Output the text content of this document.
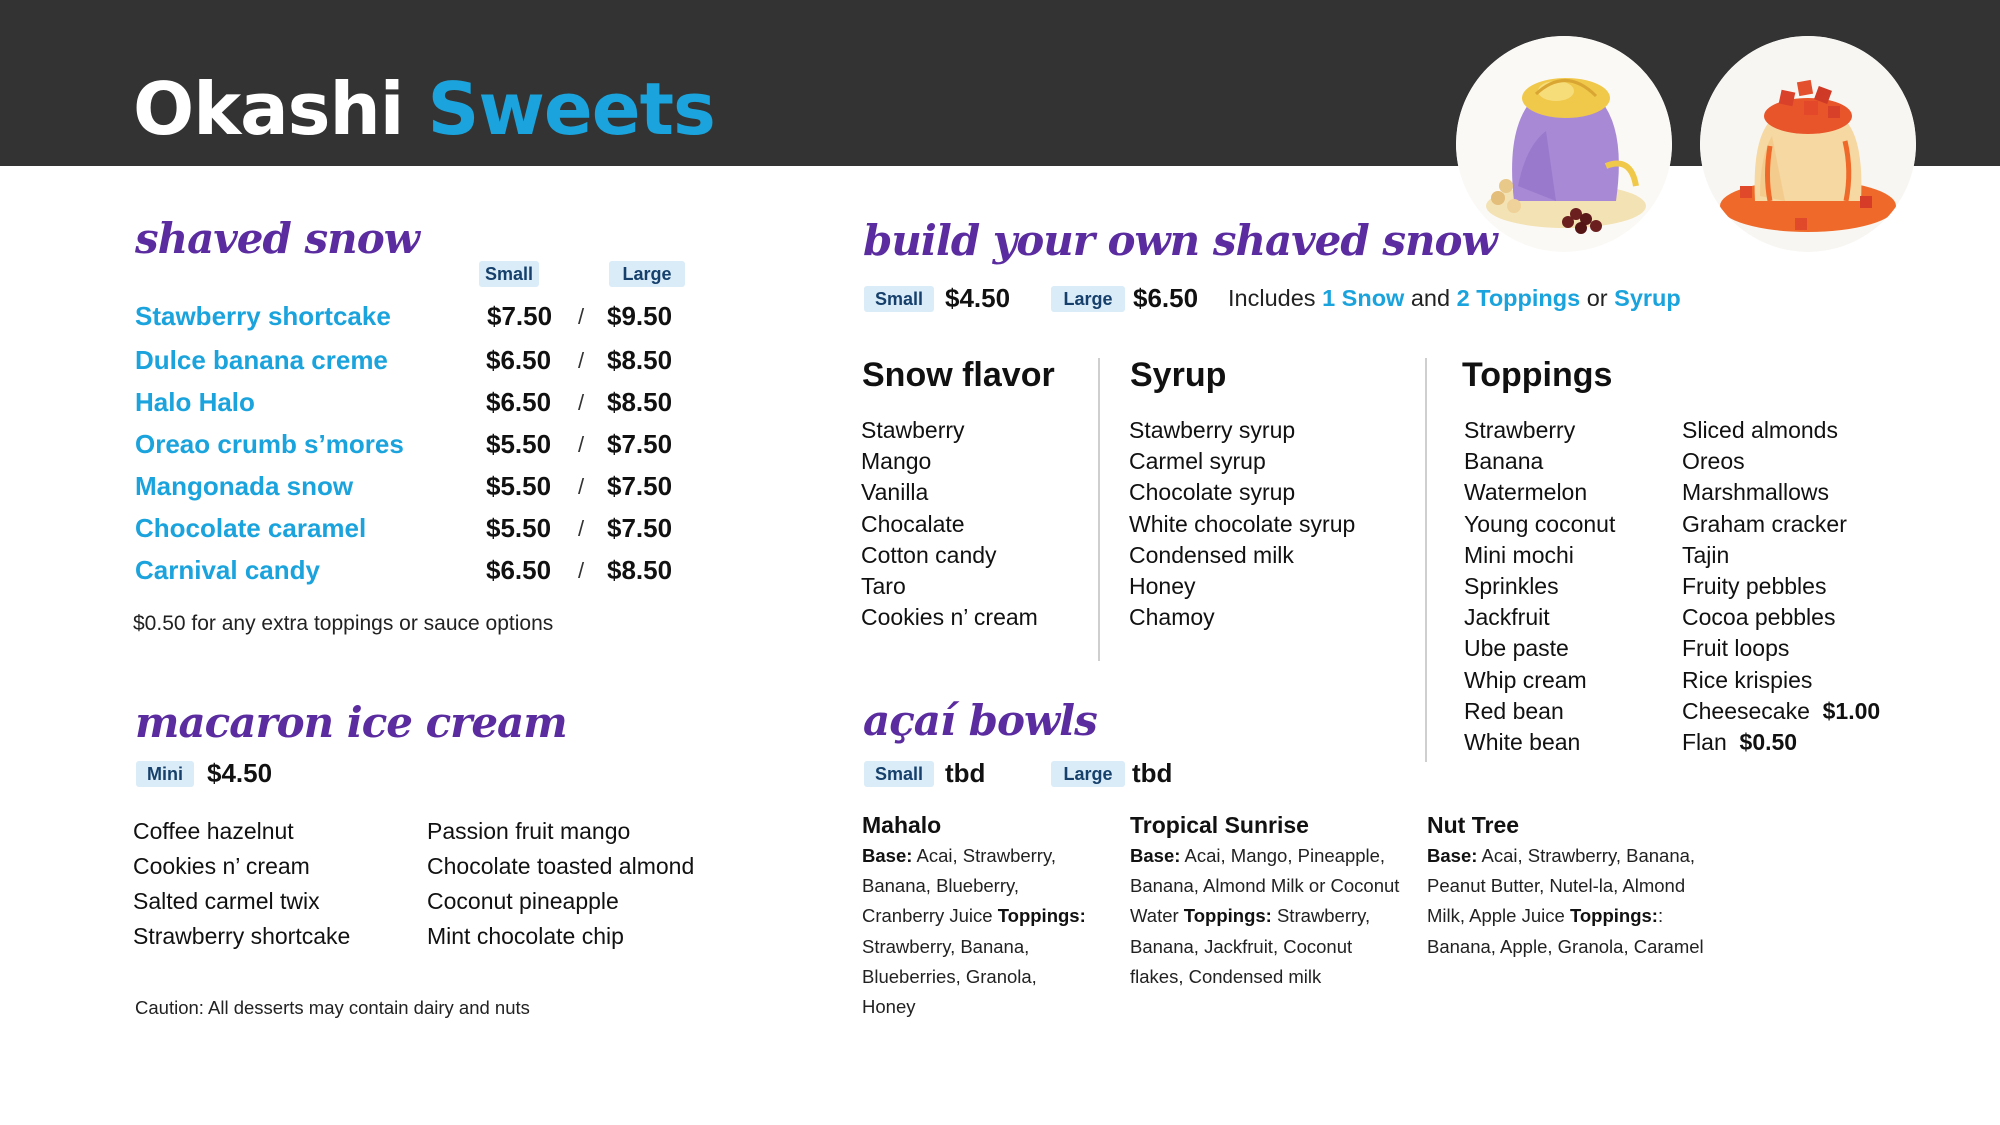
Okashi Sweets
shaved snow
Small	Large
Stawberry shortcake	$7.50 / $9.50
Dulce banana creme	$6.50 / $8.50
Halo Halo	$6.50 / $8.50
Oreao crumb s’mores	$5.50 / $7.50
Mangonada snow	$5.50 / $7.50
Chocolate caramel	$5.50 / $7.50
Carnival candy	$6.50 / $8.50
$0.50 for any extra toppings or sauce options
macaron ice cream
Mini $4.50
Coffee hazelnut
Cookies n’ cream
Salted carmel twix
Strawberry shortcake
Passion fruit mango
Chocolate toasted almond
Coconut pineapple
Mint chocolate chip
Caution: All desserts may contain dairy and nuts
build your own shaved snow
Small $4.50	Large $6.50 Includes 1 Snow and 2 Toppings or Syrup
Snow flavor Syrup	Toppings
Stawberry
Mango
Vanilla
Chocalate
Cotton candy
Taro
Cookies n’ cream
Stawberry syrup
Carmel syrup
Chocolate syrup
White chocolate syrup
Condensed milk
Honey
Chamoy
Strawberry
Banana
Watermelon
Young coconut
Mini mochi
Sprinkles
Jackfruit
Ube paste
Whip cream
Red bean
White bean
Sliced almonds
Oreos
Marshmallows
Graham cracker
Tajin
Fruity pebbles
Cocoa pebbles
Fruit loops
Rice krispies
Cheesecake $1.00
Flan $0.50
açaí bowls
Small tbd	Large tbd
Mahalo
Base: Acai, Strawberry, Banana, Blueberry, Cranberry Juice Toppings: Strawberry, Banana, Blueberries, Granola, Honey
Tropical Sunrise
Base: Acai, Mango, Pineapple, Banana, Almond Milk or Coconut Water Toppings: Strawberry, Banana, Jackfruit, Coconut flakes, Condensed milk
Nut Tree
Base: Acai, Strawberry, Banana, Peanut Butter, Nutel-la, Almond Milk, Apple Juice Toppings:: Banana, Apple, Granola, Caramel
